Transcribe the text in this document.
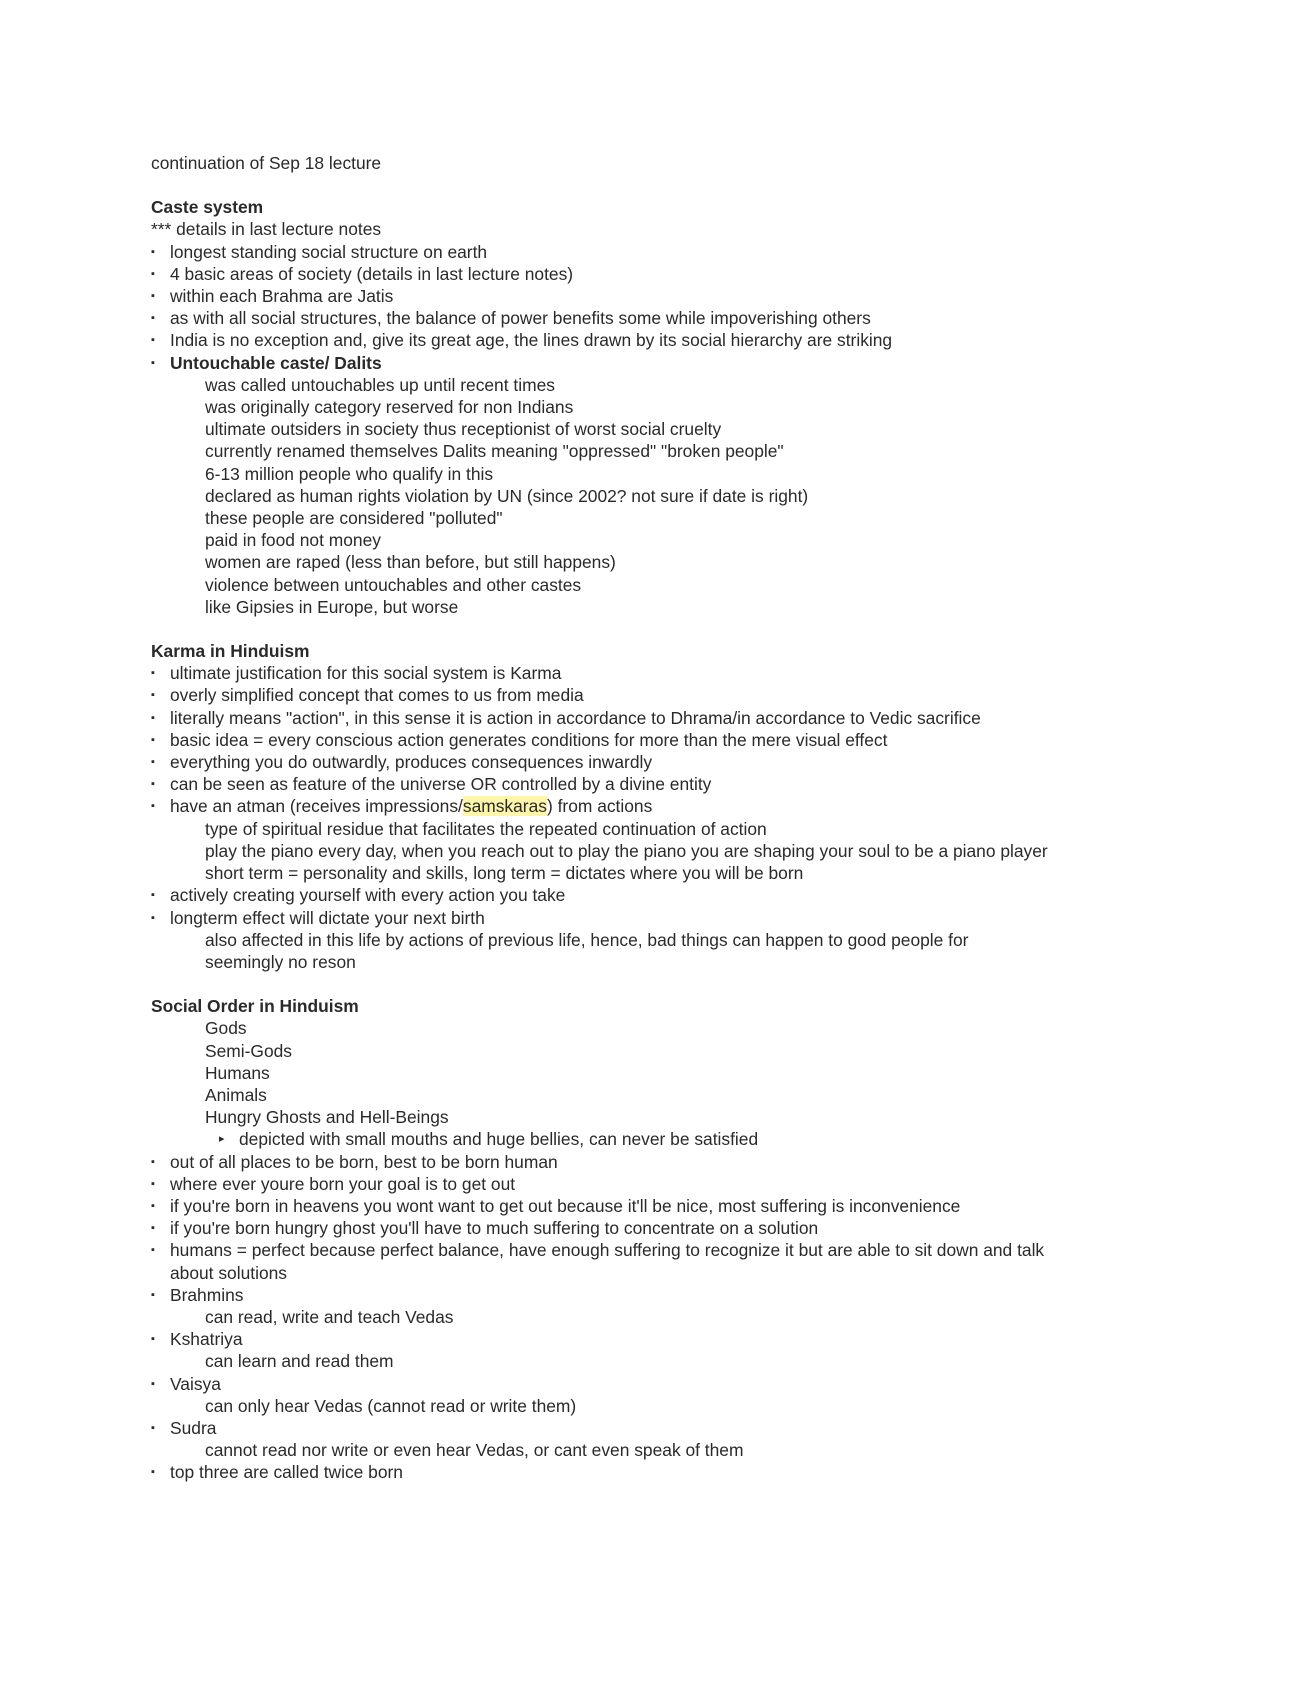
continuation of Sep 18 lecture
Caste system
*** details in last lecture notes
▪ longest standing social structure on earth
▪ 4 basic areas of society (details in last lecture notes)
▪ within each Brahma are Jatis
▪ as with all social structures, the balance of power benefits some while impoverishing others
▪ India is no exception and, give its great age, the lines drawn by its social hierarchy are striking
▪ Untouchable caste/ Dalits
was called untouchables up until recent times
was originally category reserved for non Indians
ultimate outsiders in society thus receptionist of worst social cruelty
currently renamed themselves Dalits meaning "oppressed" "broken people"
6-13 million people who qualify in this
declared as human rights violation by UN (since 2002? not sure if date is right)
these people are considered "polluted"
paid in food not money
women are raped (less than before, but still happens)
violence between untouchables and other castes
like Gipsies in Europe, but worse
Karma in Hinduism
▪ ultimate justification for this social system is Karma
▪ overly simplified concept that comes to us from media
▪ literally means "action", in this sense it is action in accordance to Dhrama/in accordance to Vedic sacrifice
▪ basic idea = every conscious action generates conditions for more than the mere visual effect
▪ everything you do outwardly, produces consequences inwardly
▪ can be seen as feature of the universe OR controlled by a divine entity
▪ have an atman (receives impressions/samskaras) from actions
type of spiritual residue that facilitates the repeated continuation of action
play the piano every day, when you reach out to play the piano you are shaping your soul to be a piano player
short term = personality and skills, long term = dictates where you will be born
▪ actively creating yourself with every action you take
▪ longterm effect will dictate your next birth
also affected in this life by actions of previous life, hence, bad things can happen to good people for
seemingly no reson
Social Order in Hinduism
Gods
Semi-Gods
Humans
Animals
Hungry Ghosts and Hell-Beings
▸ depicted with small mouths and huge bellies, can never be satisfied
▪ out of all places to be born, best to be born human
▪ where ever youre born your goal is to get out
▪ if you're born in heavens you wont want to get out because it'll be nice, most suffering is inconvenience
▪ if you're born hungry ghost you'll have to much suffering to concentrate on a solution
▪ humans = perfect because perfect balance, have enough suffering to recognize it but are able to sit down and talk
about solutions
▪ Brahmins
can read, write and teach Vedas
▪ Kshatriya
can learn and read them
▪ Vaisya
can only hear Vedas (cannot read or write them)
▪ Sudra
cannot read nor write or even hear Vedas, or cant even speak of them
▪ top three are called twice born
